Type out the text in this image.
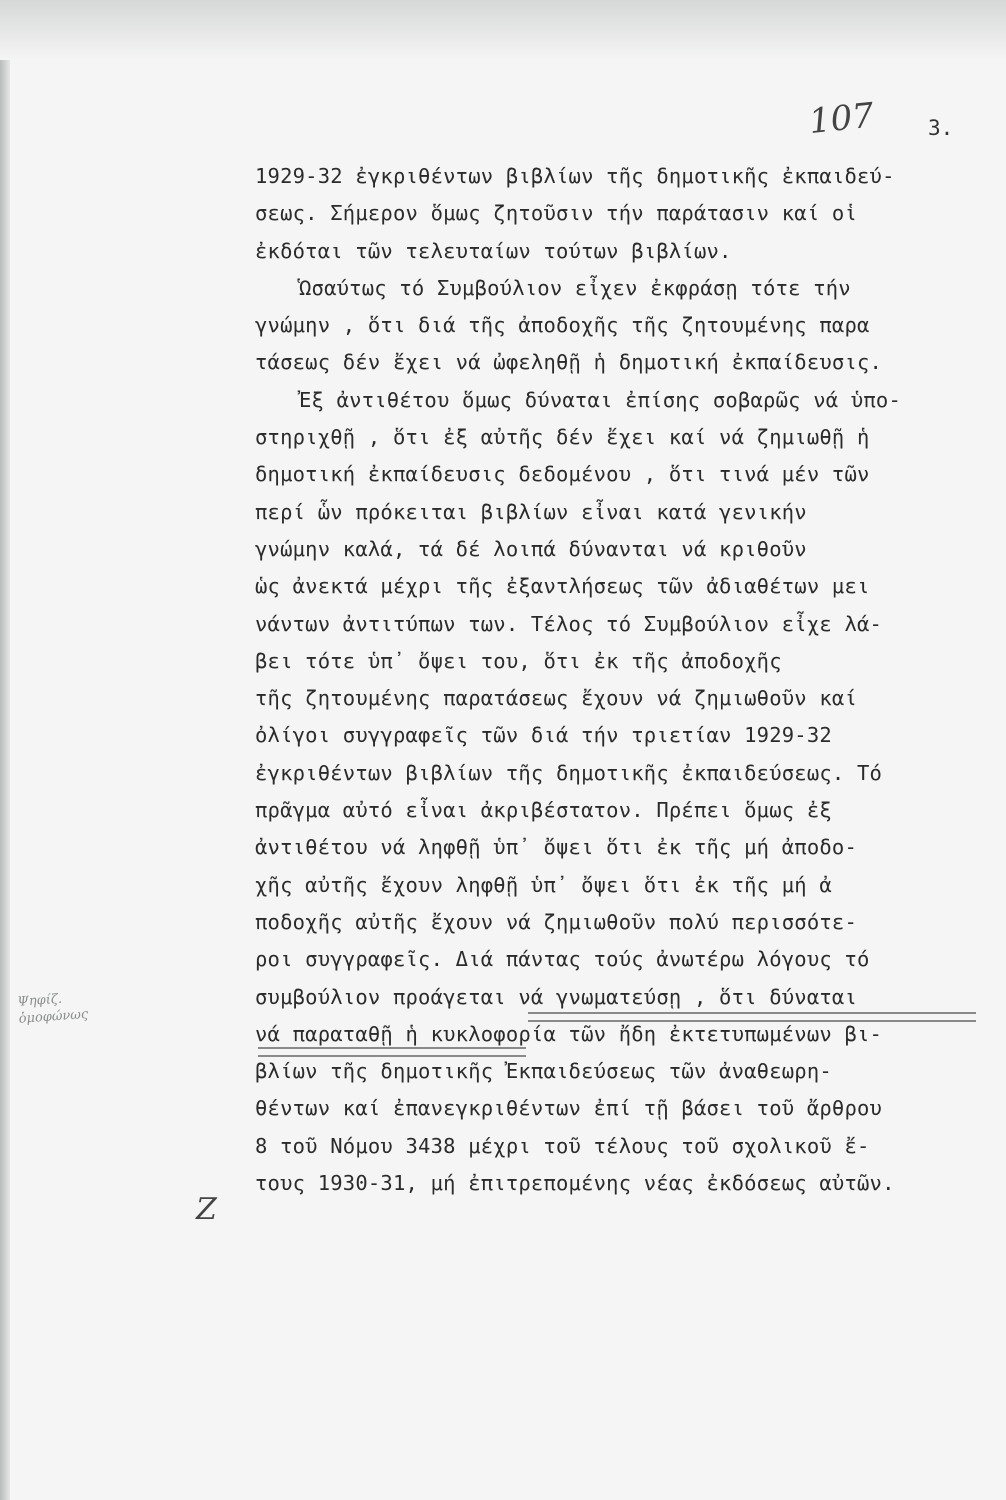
107	3.
1929-32 ἐγκριθέντων βιβλίων τῆς δημοτικῆς ἐκπαιδεύ-
σεως. Σήμερον ὅμως ζητοῦσιν τήν παράτασιν καί οἱ
ἐκδόται τῶν τελευταίων τούτων βιβλίων.
Ὡσαύτως τό Συμβούλιον εἶχεν ἐκφράσῃ τότε τήν
γνώμην , ὅτι διά τῆς ἀποδοχῆς τῆς ζητουμένης παρα
τάσεως δέν ἔχει νά ὠφεληθῇ ἡ δημοτική ἐκπαίδευσις.
Ἐξ ἀντιθέτου ὅμως δύναται ἐπίσης σοβαρῶς νά ὑπο-
στηριχθῇ , ὅτι ἐξ αὐτῆς δέν ἔχει καί νά ζημιωθῇ ἡ
δημοτική ἐκπαίδευσις δεδομένου , ὅτι τινά μέν τῶν
περί ὧν πρόκειται βιβλίων εἶναι κατά γενικήν
γνώμην καλά, τά δέ λοιπά δύνανται νά κριθοῦν
ὡς ἀνεκτά μέχρι τῆς ἐξαντλήσεως τῶν ἀδιαθέτων μει
νάντων ἀντιτύπων των. Τέλος τό Συμβούλιον εἶχε λά-
βει τότε ὑπ᾽ ὄψει του, ὅτι ἐκ τῆς ἀποδοχῆς
τῆς ζητουμένης παρατάσεως ἔχουν νά ζημιωθοῦν καί
ὀλίγοι συγγραφεῖς τῶν διά τήν τριετίαν 1929-32
ἐγκριθέντων βιβλίων τῆς δημοτικῆς ἐκπαιδεύσεως. Τό
πρᾶγμα αὐτό εἶναι ἀκριβέστατον. Πρέπει ὅμως ἐξ
ἀντιθέτου νά ληφθῇ ὑπ᾽ ὄψει ὅτι ἐκ τῆς μή ἀποδο-
χῆς αὐτῆς ἔχουν ληφθῇ ὑπ᾽ ὄψει ὅτι ἐκ τῆς μή ἀ
ποδοχῆς αὐτῆς ἔχουν νά ζημιωθοῦν πολύ περισσότε-
ροι συγγραφεῖς. Διά πάντας τούς ἀνωτέρω λόγους τό
συμβούλιον προάγεται νά γνωματεύσῃ , ὅτι δύναται
νά παραταθῇ ἡ κυκλοφορία τῶν ἤδη ἐκτετυπωμένων βι-
βλίων τῆς δημοτικῆς Ἐκπαιδεύσεως τῶν ἀναθεωρη-
θέντων καί ἐπανεγκριθέντων ἐπί τῇ βάσει τοῦ ἄρθρου
8 τοῦ Νόμου 3438 μέχρι τοῦ τέλους τοῦ σχολικοῦ ἔ-
τους 1930-31, μή ἐπιτρεπομένης νέας ἐκδόσεως αὐτῶν.
Ψηφίζ. ὁμοφώνως
Ζ
